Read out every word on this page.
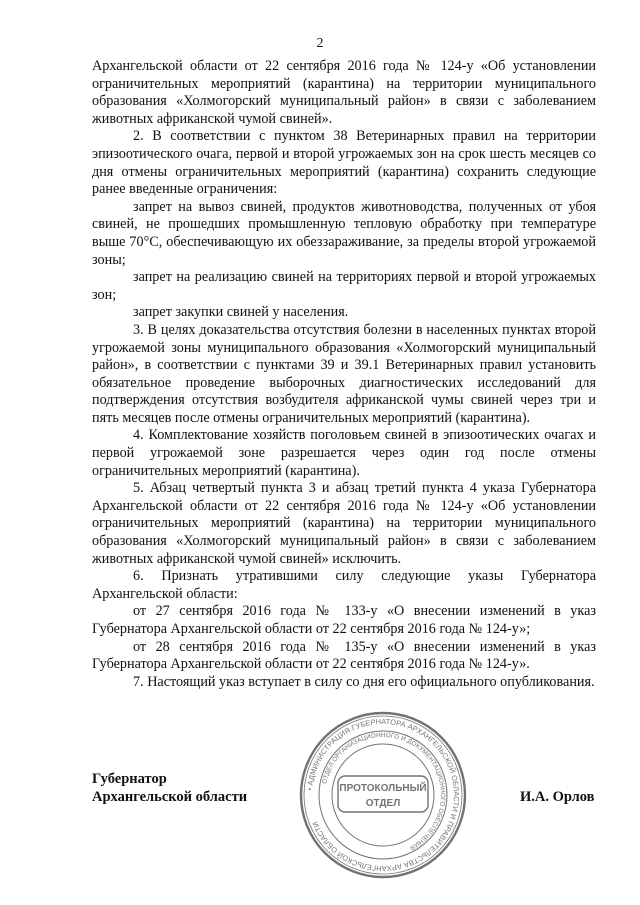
2

Архангельской области от 22 сентября 2016 года № 124-у «Об установлении ограничительных мероприятий (карантина) на территории муниципального образования «Холмогорский муниципальный район» в связи с заболеванием животных африканской чумой свиней».

2. В соответствии с пунктом 38 Ветеринарных правил на территории эпизоотического очага, первой и второй угрожаемых зон на срок шесть месяцев со дня отмены ограничительных мероприятий (карантина) сохранить следующие ранее введенные ограничения:

запрет на вывоз свиней, продуктов животноводства, полученных от убоя свиней, не прошедших промышленную тепловую обработку при температуре выше 70°C, обеспечивающую их обеззараживание, за пределы второй угрожаемой зоны;

запрет на реализацию свиней на территориях первой и второй угрожаемых зон;

запрет закупки свиней у населения.

3. В целях доказательства отсутствия болезни в населенных пунктах второй угрожаемой зоны муниципального образования «Холмогорский муниципальный район», в соответствии с пунктами 39 и 39.1 Ветеринарных правил установить обязательное проведение выборочных диагностических исследований для подтверждения отсутствия возбудителя африканской чумы свиней через три и пять месяцев после отмены ограничительных мероприятий (карантина).

4. Комплектование хозяйств поголовьем свиней в эпизоотических очагах и первой угрожаемой зоне разрешается через один год после отмены ограничительных мероприятий (карантина).

5. Абзац четвертый пункта 3 и абзац третий пункта 4 указа Губернатора Архангельской области от 22 сентября 2016 года № 124-у «Об установлении ограничительных мероприятий (карантина) на территории муниципального образования «Холмогорский муниципальный район» в связи с заболеванием животных африканской чумой свиней» исключить.

6. Признать утратившими силу следующие указы Губернатора Архангельской области:

от 27 сентября 2016 года № 133-у «О внесении изменений в указ Губернатора Архангельской области от 22 сентября 2016 года № 124-у»;

от 28 сентября 2016 года № 135-у «О внесении изменений в указ Губернатора Архангельской области от 22 сентября 2016 года № 124-у».

7. Настоящий указ вступает в силу со дня его официального опубликования.

Губернатор
Архангельской области	И.А. Орлов
• АДМИНИСТРАЦИЯ ГУБЕРНАТОРА АРХАНГЕЛЬСКОЙ ОБЛАСТИ И ПРАВИТЕЛЬСТВА АРХАНГЕЛЬСКОЙ ОБЛАСТИ
ОТДЕЛ ОРГАНИЗАЦИОННОГО И ДОКУМЕНТАЦИОННОГО ОБЕСПЕЧЕНИЯ
ПРОТОКОЛЬНЫЙ
ОТДЕЛ
